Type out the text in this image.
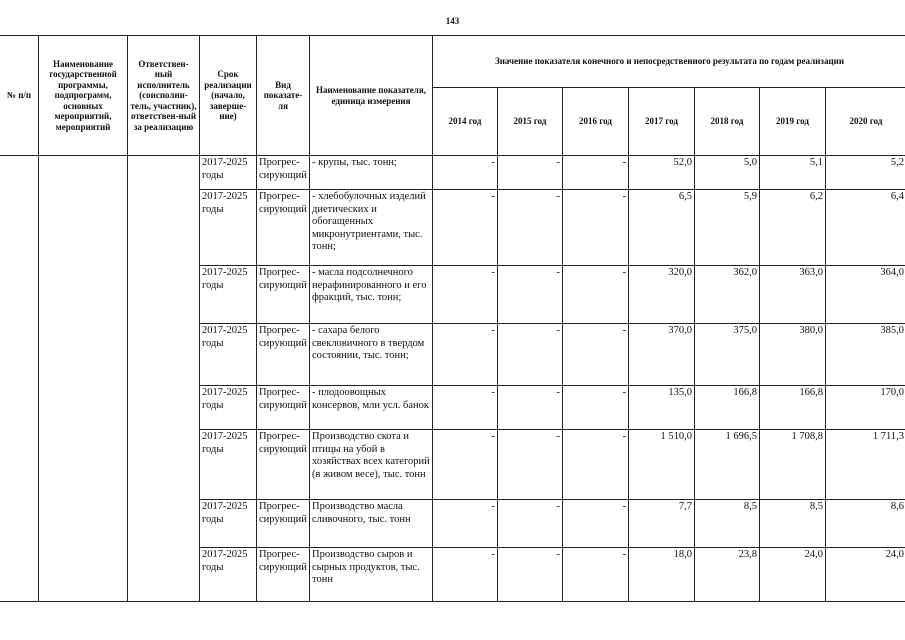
143
№ п/п	Наименование государственной программы, подпрограмм, основных мероприятий, мероприятий	Ответствен-ный исполнитель (соисполни-тель, участник), ответствен-ный за реализацию	Срок реализации (начало, заверше-ние)	Вид показате-ля	Наименование показателя, единица измерения	Значение показателя конечного и непосредственного результата по годам реализации						
						2014 год	2015 год	2016 год	2017 год	2018 год	2019 год	2020 год
			2017-2025 годы	Прогрес-сирующий	- крупы, тыс. тонн;	-	-	-	52,0	5,0	5,1	5,2
			2017-2025 годы	Прогрес-сирующий	- хлебобулочных изделий диетических и обогащенных микронутриентами, тыс. тонн;	-	-	-	6,5	5,9	6,2	6,4
			2017-2025 годы	Прогрес-сирующий	- масла подсолнечного нерафинированного и его фракций, тыс. тонн;	-	-	-	320,0	362,0	363,0	364,0
			2017-2025 годы	Прогрес-сирующий	- сахара белого свекловичного в твердом состоянии, тыс. тонн;	-	-	-	370,0	375,0	380,0	385,0
			2017-2025 годы	Прогрес-сирующий	- плодоовощных консервов, млн усл. банок	-	-	-	135,0	166,8	166,8	170,0
			2017-2025 годы	Прогрес-сирующий	Производство скота и птицы на убой в хозяйствах всех категорий (в живом весе), тыс. тонн	-	-	-	1 510,0	1 696,5	1 708,8	1 711,3
			2017-2025 годы	Прогрес-сирующий	Производство масла сливочного, тыс. тонн	-	-	-	7,7	8,5	8,5	8,6
			2017-2025 годы	Прогрес-сирующий	Производство сыров и сырных продуктов, тыс. тонн	-	-	-	18,0	23,8	24,0	24,0
